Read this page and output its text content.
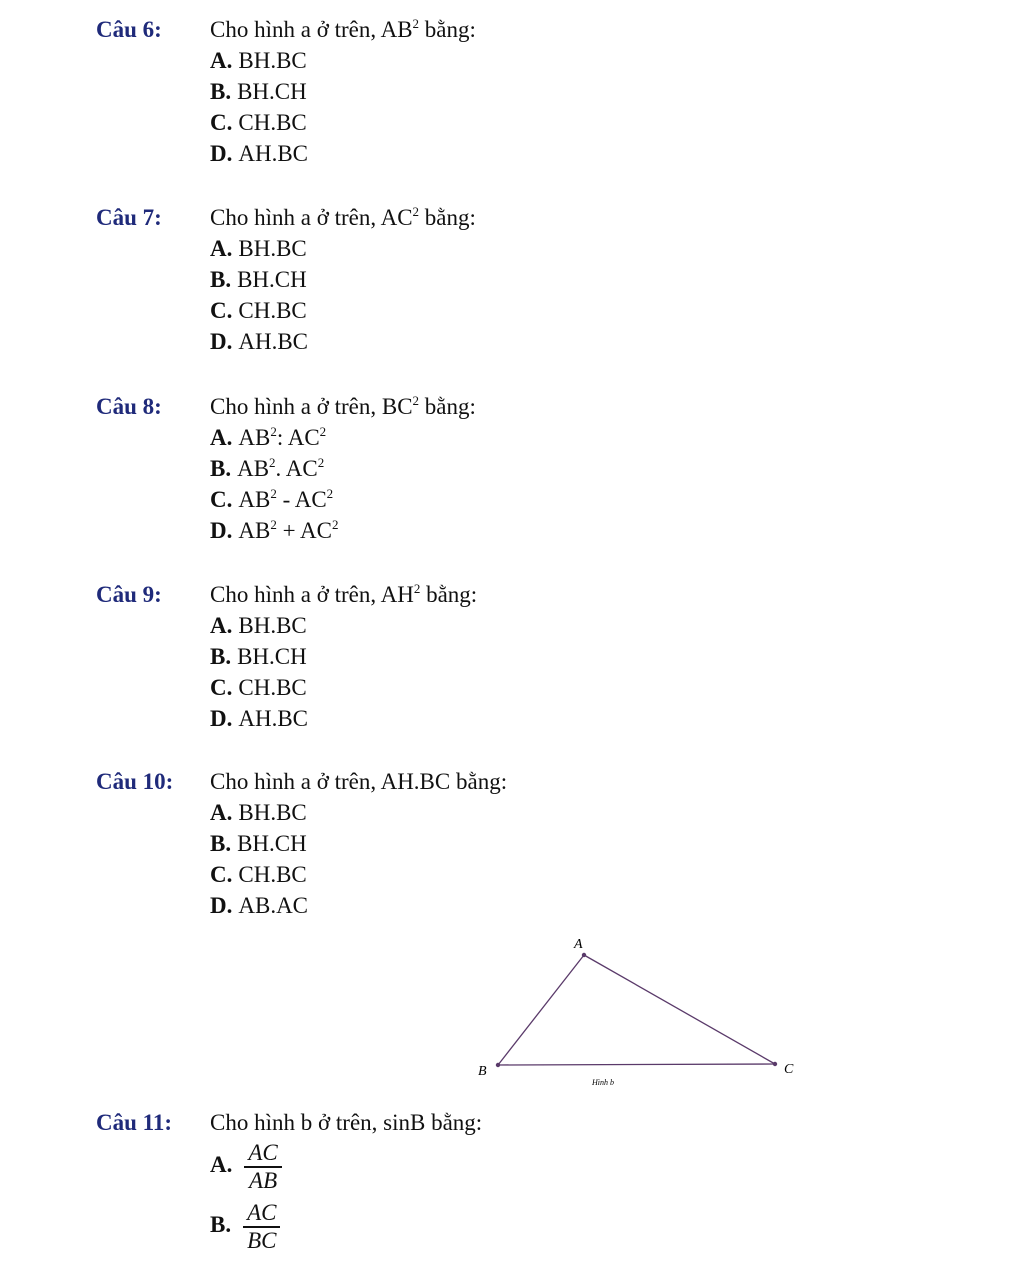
Câu 6: Cho hình a ở trên, $AB^2$ bằng:
A. BH.BC
B. BH.CH
C. CH.BC
D. AH.BC
Câu 7: Cho hình a ở trên, $AC^2$ bằng:
A. BH.BC
B. BH.CH
C. CH.BC
D. AH.BC
Câu 8: Cho hình a ở trên, $BC^2$ bằng:
A. $AB^2$: $AC^2$
B. $AB^2$. $AC^2$
C. $AB^2 - AC^2$
D. $AB^2 + AC^2$
Câu 9: Cho hình a ở trên, $AH^2$ bằng:
A. BH.BC
B. BH.CH
C. CH.BC
D. AH.BC
Câu 10: Cho hình a ở trên, AH.BC bằng:
A. BH.BC
B. BH.CH
C. CH.BC
D. AB.AC
A
B	C
Hình b
Câu 11: Cho hình b ở trên, sinB bằng:
A. $\frac{AC}{AB}$
B. $\frac{AC}{BC}$
